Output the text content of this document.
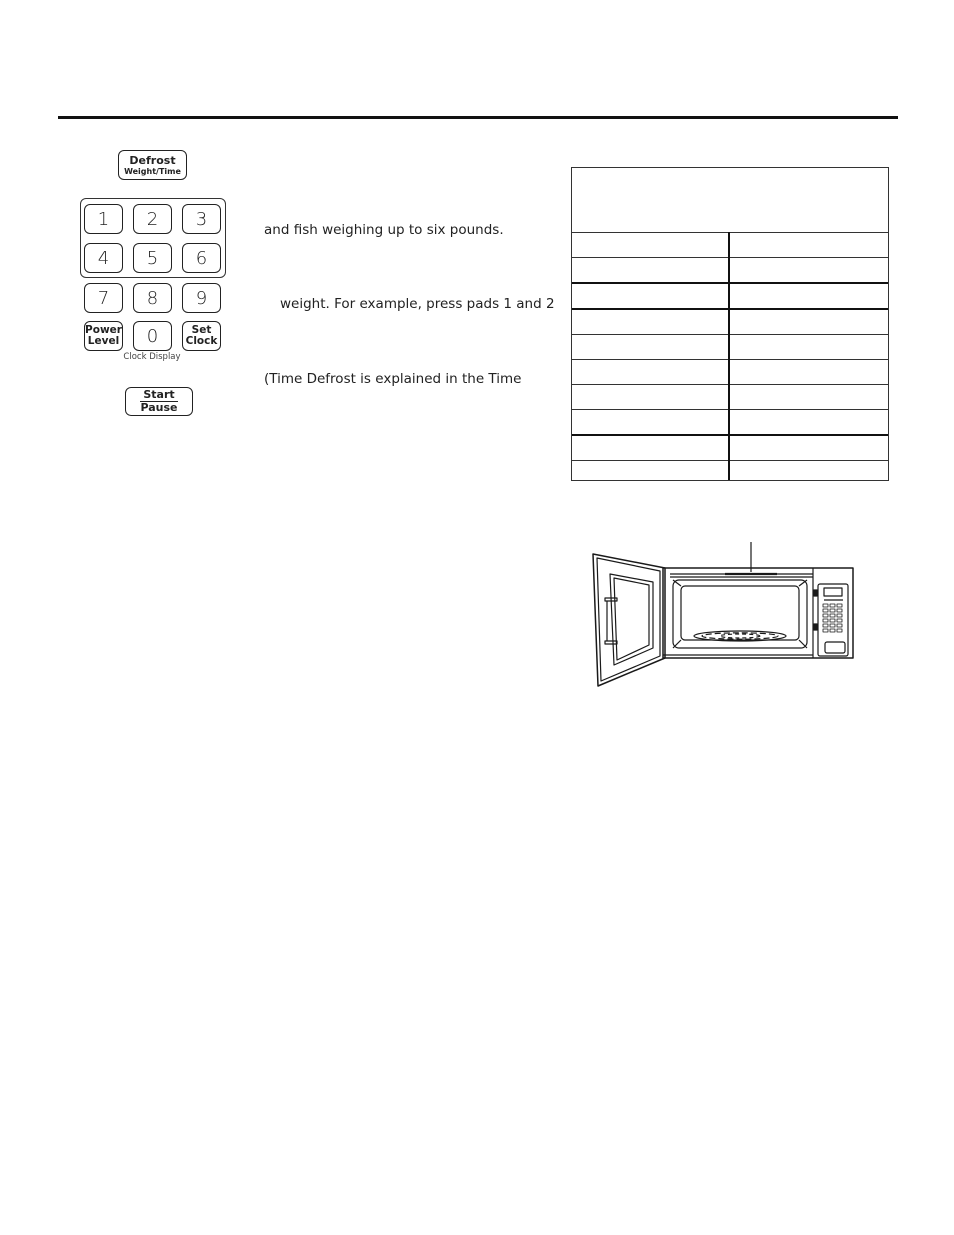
Defrost
Weight/Time
1	2	3
4	5	6
7	8	9
Power
Level	0	Set
Clock
Clock Display
Start
Pause
and fish weighing up to six pounds.
weight. For example, press pads 1 and 2
(Time Defrost is explained in the Time
